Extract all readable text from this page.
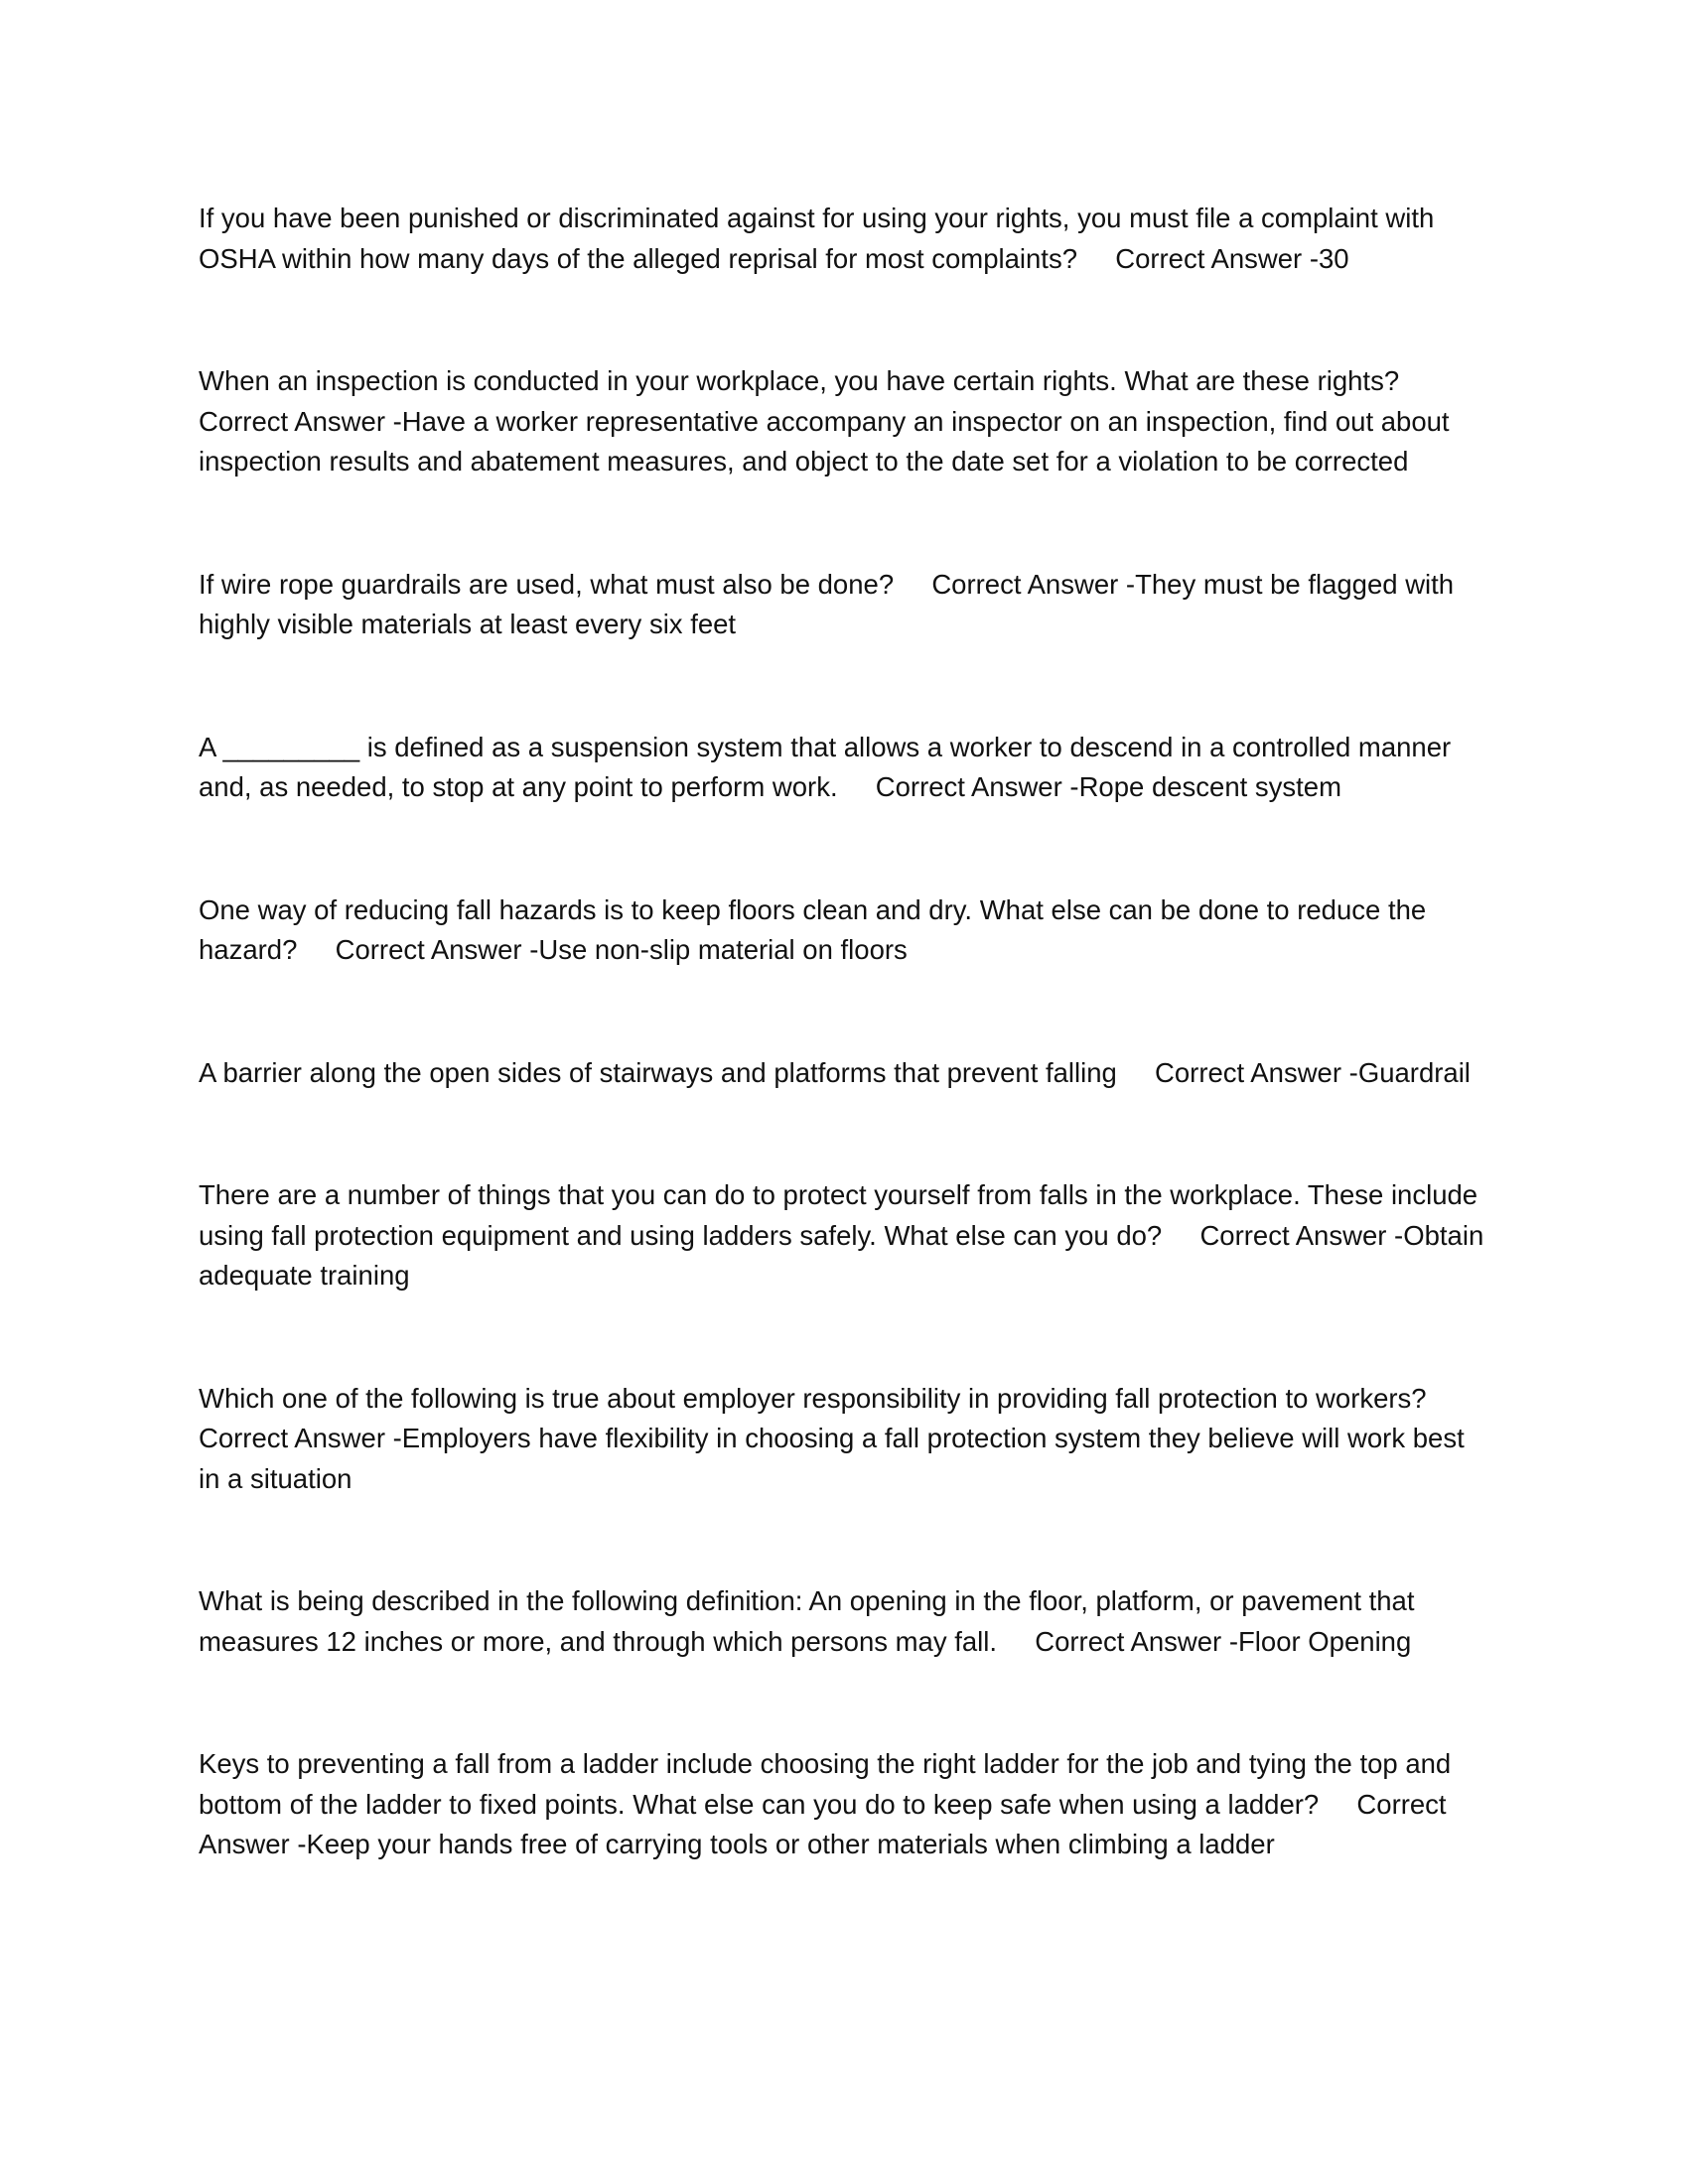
If you have been punished or discriminated against for using your rights, you must file a complaint with OSHA within how many days of the alleged reprisal for most complaints? Correct Answer -30

When an inspection is conducted in your workplace, you have certain rights. What are these rights?     Correct Answer -Have a worker representative accompany an inspector on an inspection, find out about inspection results and abatement measures, and object to the date set for a violation to be corrected

If wire rope guardrails are used, what must also be done? Correct Answer -They must be flagged with highly visible materials at least every six feet

A _________ is defined as a suspension system that allows a worker to descend in a controlled manner and, as needed, to stop at any point to perform work. Correct Answer -Rope descent system

One way of reducing fall hazards is to keep floors clean and dry. What else can be done to reduce the hazard? Correct Answer -Use non-slip material on floors

A barrier along the open sides of stairways and platforms that prevent falling Correct Answer -Guardrail

There are a number of things that you can do to protect yourself from falls in the workplace. These include using fall protection equipment and using ladders safely. What else can you do? Correct Answer -Obtain adequate training

Which one of the following is true about employer responsibility in providing fall protection to workers?     Correct Answer -Employers have flexibility in choosing a fall protection system they believe will work best in a situation

What is being described in the following definition: An opening in the floor, platform, or pavement that measures 12 inches or more, and through which persons may fall. Correct Answer -Floor Opening

Keys to preventing a fall from a ladder include choosing the right ladder for the job and tying the top and bottom of the ladder to fixed points. What else can you do to keep safe when using a ladder? Correct Answer -Keep your hands free of carrying tools or other materials when climbing a ladder
